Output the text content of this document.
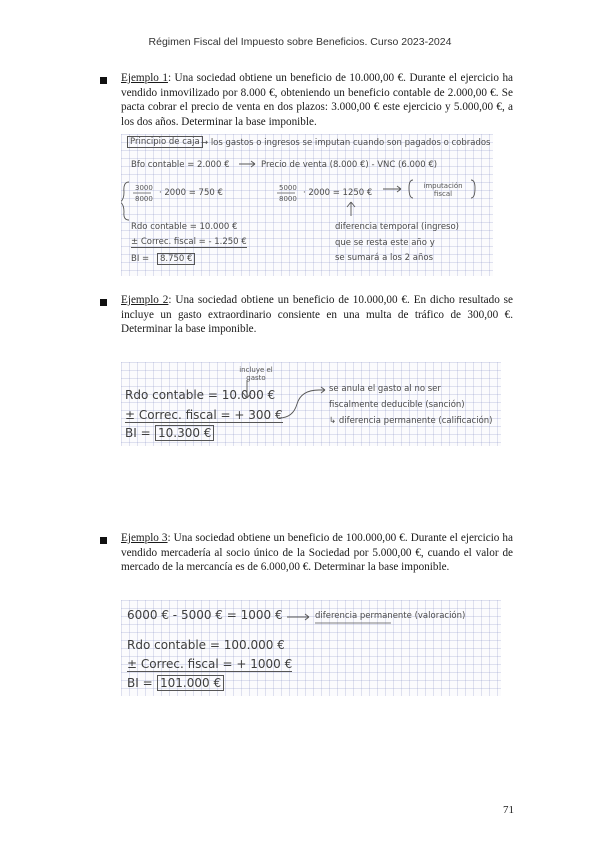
Régimen Fiscal del Impuesto sobre Beneficios. Curso 2023-2024
Ejemplo 1: Una sociedad obtiene un beneficio de 10.000,00 €. Durante el ejercicio ha vendido inmovilizado por 8.000 €, obteniendo un beneficio contable de 2.000,00 €. Se pacta cobrar el precio de venta en dos plazos: 3.000,00 € este ejercicio y 5.000,00 €, a los dos años. Determinar la base imponible.
Principio de caja → los gastos o ingresos se imputan cuando son pagados o cobrados
Bfo contable = 2.000 €	Precio de venta (8.000 €) - VNC (6.000 €)
3000
8000
· 2000 = 750 €	5000
8000
· 2000 = 1250 €
imputación fiscal
Rdo contable = 10.000 €
± Correc. fiscal = - 1.250 €
BI =	8.750 €
diferencia temporal (ingreso)
que se resta este año y
se sumará a los 2 años
Ejemplo 2: Una sociedad obtiene un beneficio de 10.000,00 €. En dicho resultado se incluye un gasto extraordinario consiente en una multa de tráfico de 300,00 €. Determinar la base imponible.
incluye el gasto
Rdo contable = 10.000 €
± Correc. fiscal = + 300 €
BI = 10.300 €
se anula el gasto al no ser
fiscalmente deducible (sanción)
↳ diferencia permanente (calificación)
Ejemplo 3: Una sociedad obtiene un beneficio de 100.000,00 €. Durante el ejercicio ha vendido mercadería al socio único de la Sociedad por 5.000,00 €, cuando el valor de mercado de la mercancía es de 6.000,00 €. Determinar la base imponible.
6000 € - 5000 € = 1000 €	diferencia permanente (valoración)
Rdo contable = 100.000 €
± Correc. fiscal = + 1000 €
BI = 101.000 €
71
